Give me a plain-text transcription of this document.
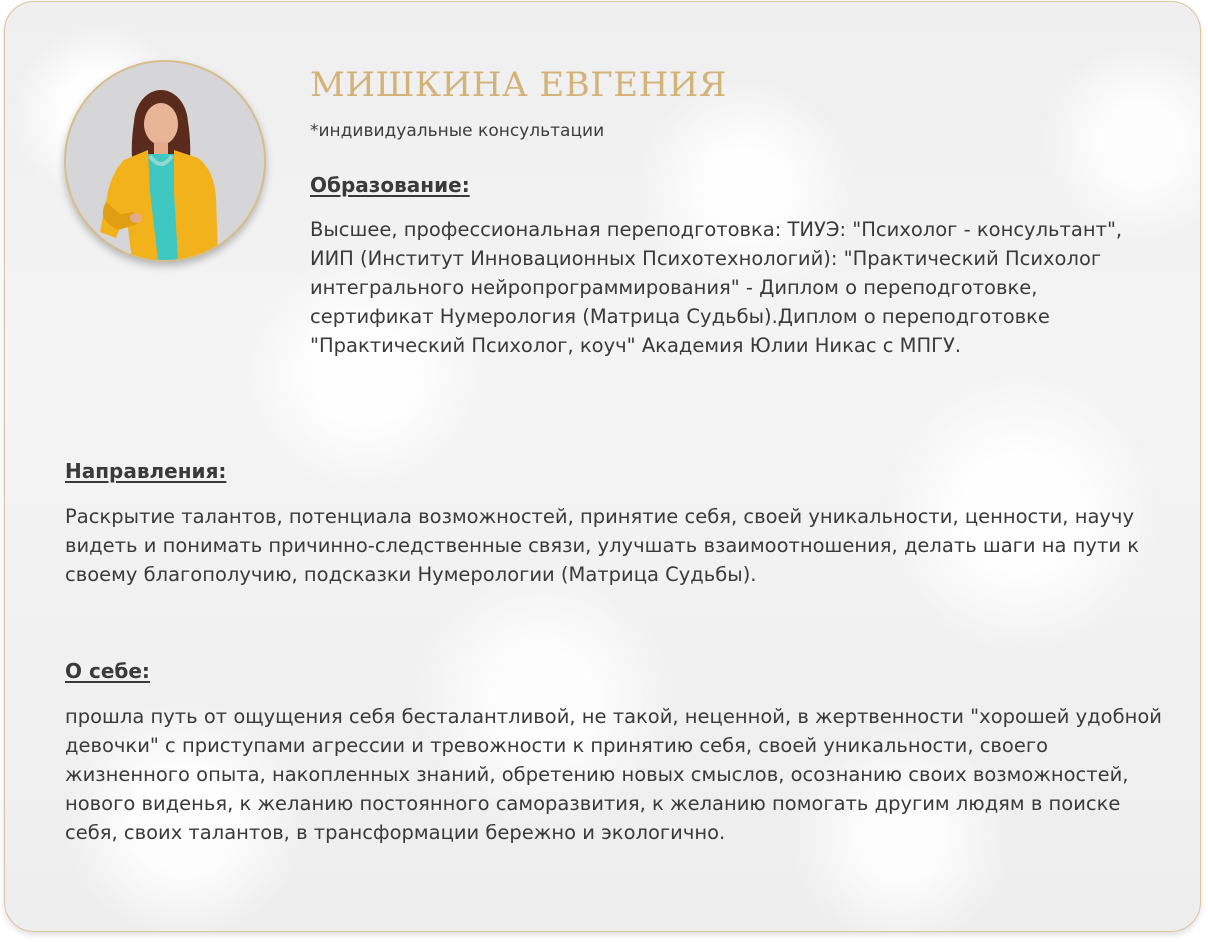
МИШКИНА ЕВГЕНИЯ

*индивидуальные консультации

Образование:

Высшее, профессиональная переподготовка: ТИУЭ: "Психолог - консультант", ИИП (Институт Инновационных Психотехнологий): "Практический Психолог интегрального нейропрограммирования" - Диплом о переподготовке, сертификат Нумерология (Матрица Судьбы).Диплом о переподготовке "Практический Психолог, коуч" Академия Юлии Никас с МПГУ.

Направления:

Раскрытие талантов, потенциала возможностей, принятие себя, своей уникальности, ценности, научу видеть и понимать причинно-следственные связи, улучшать взаимоотношения, делать шаги на пути к своему благополучию, подсказки Нумерологии (Матрица Судьбы).

О себе:

прошла путь от ощущения себя бесталантливой, не такой, неценной, в жертвенности "хорошей удобной девочки" с приступами агрессии и тревожности к принятию себя, своей уникальности, своего жизненного опыта, накопленных знаний, обретению новых смыслов, осознанию своих возможностей, нового виденья, к желанию постоянного саморазвития, к желанию помогать другим людям в поиске себя, своих талантов, в трансформации бережно и экологично.
